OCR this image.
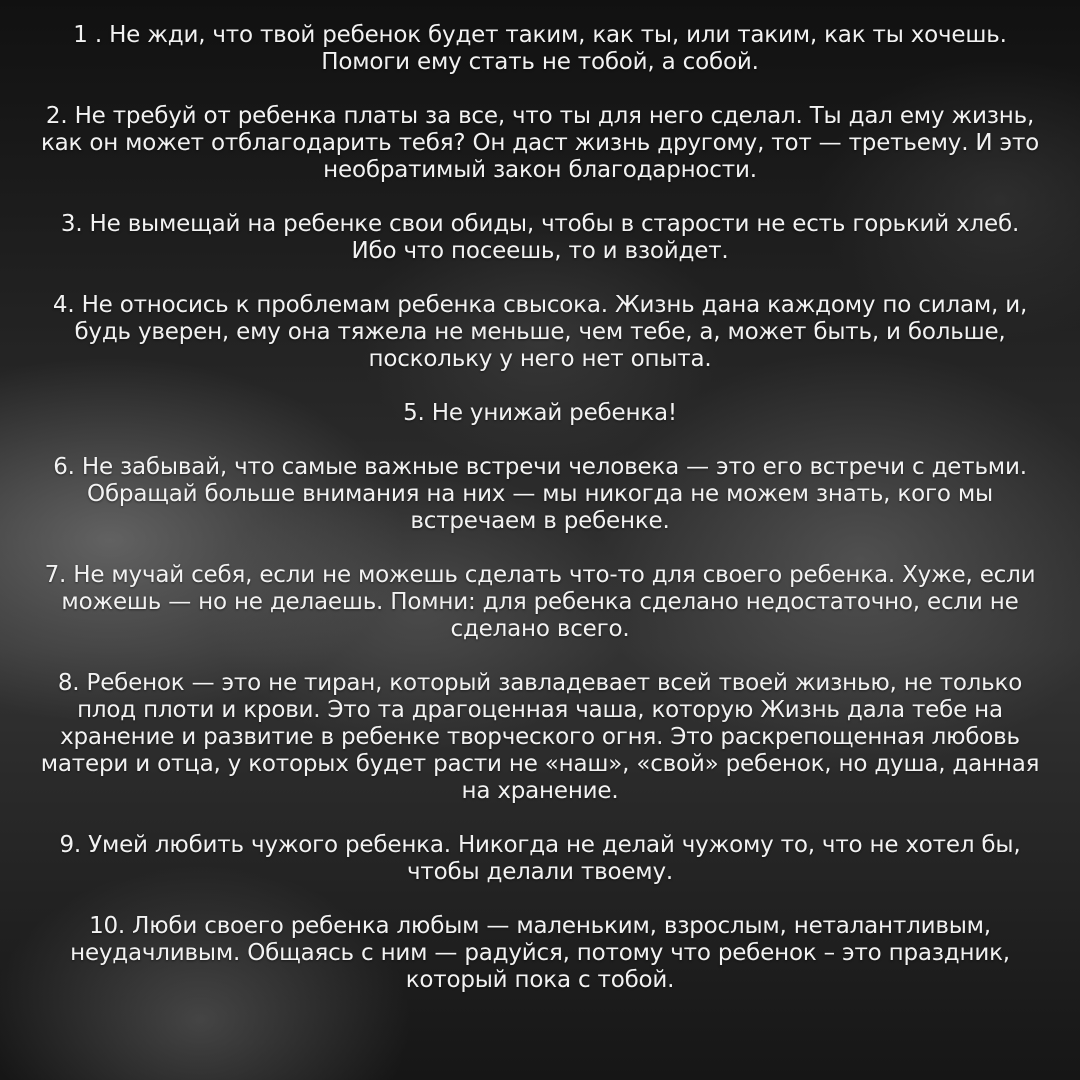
1 . Не жди, что твой ребенок будет таким, как ты, или таким, как ты хочешь. Помоги ему стать не тобой, а собой.

2. Не требуй от ребенка платы за все, что ты для него сделал. Ты дал ему жизнь, как он может отблагодарить тебя? Он даст жизнь другому, тот — третьему. И это необратимый закон благодарности.

3. Не вымещай на ребенке свои обиды, чтобы в старости не есть горький хлеб. Ибо что посеешь, то и взойдет.

4. Не относись к проблемам ребенка свысока. Жизнь дана каждому по силам, и, будь уверен, ему она тяжела не меньше, чем тебе, а, может быть, и больше, поскольку у него нет опыта.

5. Не унижай ребенка!

6. Не забывай, что самые важные встречи человека — это его встречи с детьми. Обращай больше внимания на них — мы никогда не можем знать, кого мы встречаем в ребенке.

7. Не мучай себя, если не можешь сделать что-то для своего ребенка. Хуже, если можешь — но не делаешь. Помни: для ребенка сделано недостаточно, если не сделано всего.

8. Ребенок — это не тиран, который завладевает всей твоей жизнью, не только плод плоти и крови. Это та драгоценная чаша, которую Жизнь дала тебе на хранение и развитие в ребенке творческого огня. Это раскрепощенная любовь матери и отца, у которых будет расти не «наш», «свой» ребенок, но душа, данная на хранение.

9. Умей любить чужого ребенка. Никогда не делай чужому то, что не хотел бы, чтобы делали твоему.

10. Люби своего ребенка любым — маленьким, взрослым, неталантливым, неудачливым. Общаясь с ним — радуйся, потому что ребенок – это праздник, который пока с тобой.
